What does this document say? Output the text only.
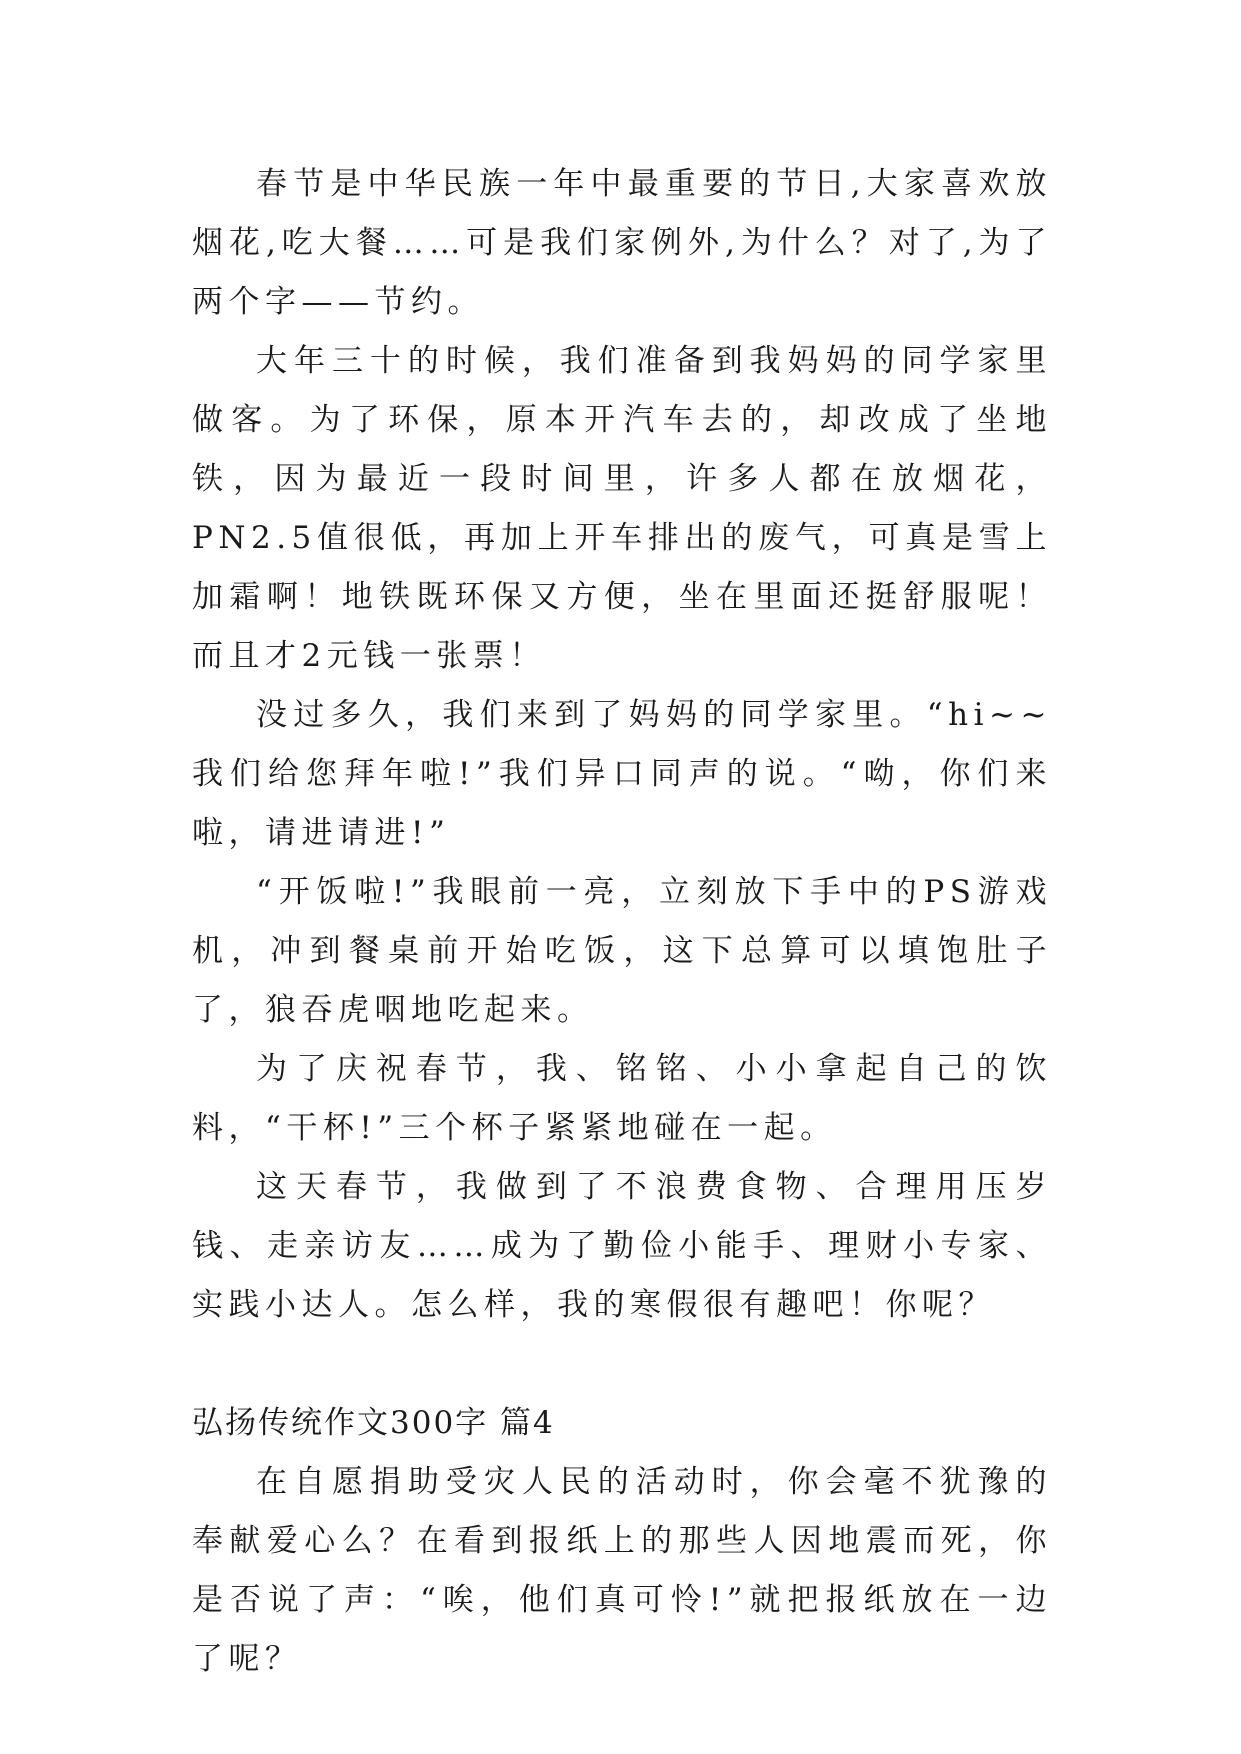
春节是中华民族一年中最重要的节日,大家喜欢放烟花,吃大餐……可是我们家例外,为什么？对了,为了两个字——节约。

大年三十的时候，我们准备到我妈妈的同学家里做客。为了环保，原本开汽车去的，却改成了坐地铁，因为最近一段时间里，许多人都在放烟花，PN2.5值很低，再加上开车排出的废气，可真是雪上加霜啊！地铁既环保又方便，坐在里面还挺舒服呢！而且才2元钱一张票！

没过多久，我们来到了妈妈的同学家里。“hi~~我们给您拜年啦!”我们异口同声的说。“呦，你们来啦，请进请进!”

“开饭啦!”我眼前一亮，立刻放下手中的PS游戏机，冲到餐桌前开始吃饭，这下总算可以填饱肚子了，狼吞虎咽地吃起来。

为了庆祝春节，我、铭铭、小小拿起自己的饮料，“干杯!”三个杯子紧紧地碰在一起。

这天春节，我做到了不浪费食物、合理用压岁钱、走亲访友……成为了勤俭小能手、理财小专家、实践小达人。怎么样，我的寒假很有趣吧！你呢？

弘扬传统作文300字 篇4

在自愿捐助受灾人民的活动时，你会毫不犹豫的奉献爱心么？在看到报纸上的那些人因地震而死，你是否说了声：“唉，他们真可怜!”就把报纸放在一边了呢？
